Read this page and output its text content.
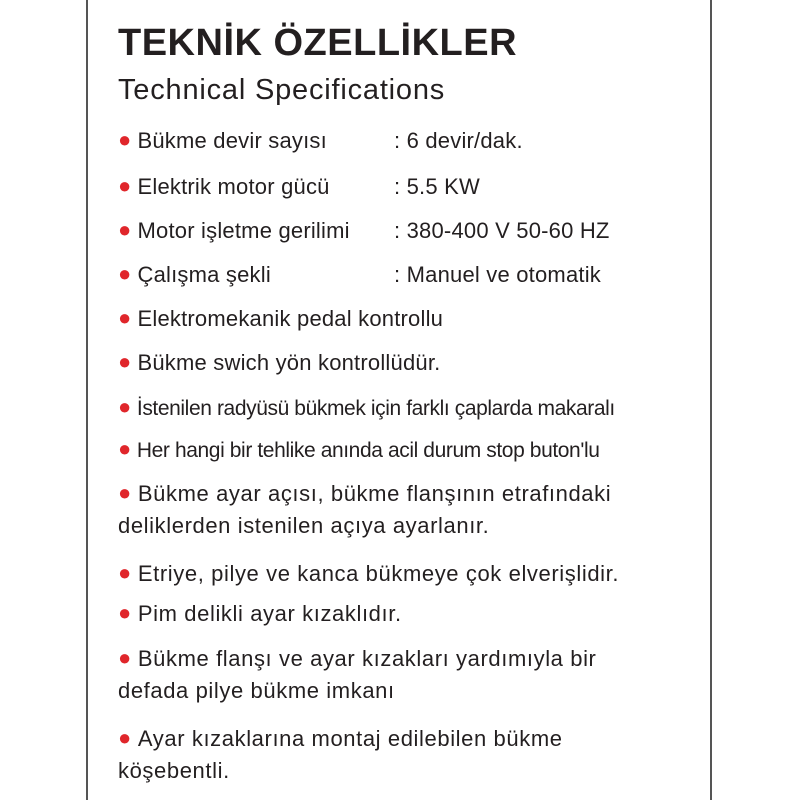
TEKNİK ÖZELLİKLER
Technical Specifications
● Bükme devir sayısı	: 6 devir/dak.
● Elektrik motor gücü	: 5.5 KW
● Motor işletme gerilimi : 380-400 V 50-60 HZ
● Çalışma şekli	: Manuel ve otomatik
● Elektromekanik pedal kontrollu
● Bükme swich yön kontrollüdür.
● İstenilen radyüsü bükmek için farklı çaplarda makaralı
● Her hangi bir tehlike anında acil durum stop buton'lu
● Bükme ayar açısı, bükme flanşının etrafındaki
deliklerden istenilen açıya ayarlanır.
● Etriye, pilye ve kanca bükmeye çok elverişlidir.
● Pim delikli ayar kızaklıdır.
● Bükme flanşı ve ayar kızakları yardımıyla bir
defada pilye bükme imkanı
● Ayar kızaklarına montaj edilebilen bükme
köşebentli.
